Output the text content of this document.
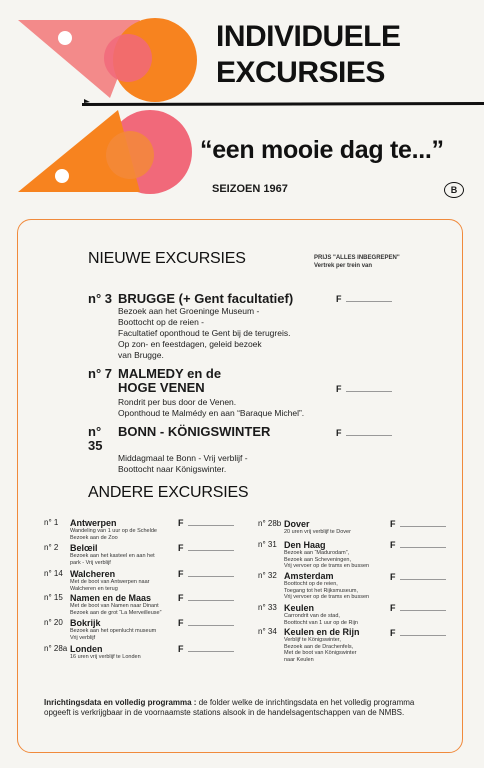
INDIVIDUELE
EXCURSIES
“een mooie dag te...”
SEIZOEN 1967	B
NIEUWE EXCURSIES	PRIJS "ALLES INBEGREPEN"
Vertrek per trein van
n° 3 BRUGGE (+ Gent facultatief)
Bezoek aan het Groeninge Museum -
Boottocht op de reien -
Facultatief oponthoud te Gent bij de terugreis.
Op zon- en feestdagen, geleid bezoek
van Brugge.
F
n° 7 MALMEDY en de
HOGE VENEN
Rondrit per bus door de Venen.
Oponthoud te Malmédy en aan “Baraque Michel”.
F
n° 35
BONN - KÖNIGSWINTER
Middagmaal te Bonn - Vrij verblijf -
Boottocht naar Königswinter.
F
ANDERE EXCURSIES
n° 1	Antwerpen
Wandeling van 1 uur op de Schelde
Bezoek aan de Zoo
F
n° 2	Belœil
Bezoek aan het kasteel en aan het
park - Vrij verblijf
F
n° 14 Walcheren
Met de boot van Antwerpen naar
Walcheren en terug
F
n° 15 Namen en de Maas
Met de boot van Namen naar Dinant
Bezoek aan de grot “La Merveilleuse”
F
n° 20 Bokrijk
Bezoek aan het openlucht museum
Vrij verblijf
F
n° 28a Londen
16 uren vrij verblijf te Londen
F
n° 28b Dover
20 uren vrij verblijf te Dover
F
n° 31 Den Haag
Bezoek aan “Madurodam”,
Bezoek aan Scheveningen,
Vrij vervoer op de trams en bussen
F
n° 32 Amsterdam
Boottocht op de reien,
Toegang tot het Rijksmuseum,
Vrij vervoer op de trams en bussen
F
n° 33 Keulen
Carrondrit van de stad,
Boottocht van 1 uur op de Rijn
F
n° 34 Keulen en de Rijn
Verblijf te Königswinter,
Bezoek aan de Drachenfels,
Met de boot van Königswinter
naar Keulen
F
Inrichtingsdata en volledig programma : de folder welke de inrichtingsdata en het volledig programma opgeeft is verkrijgbaar in de voornaamste stations alsook in de handelsagentschappen van de NMBS.
